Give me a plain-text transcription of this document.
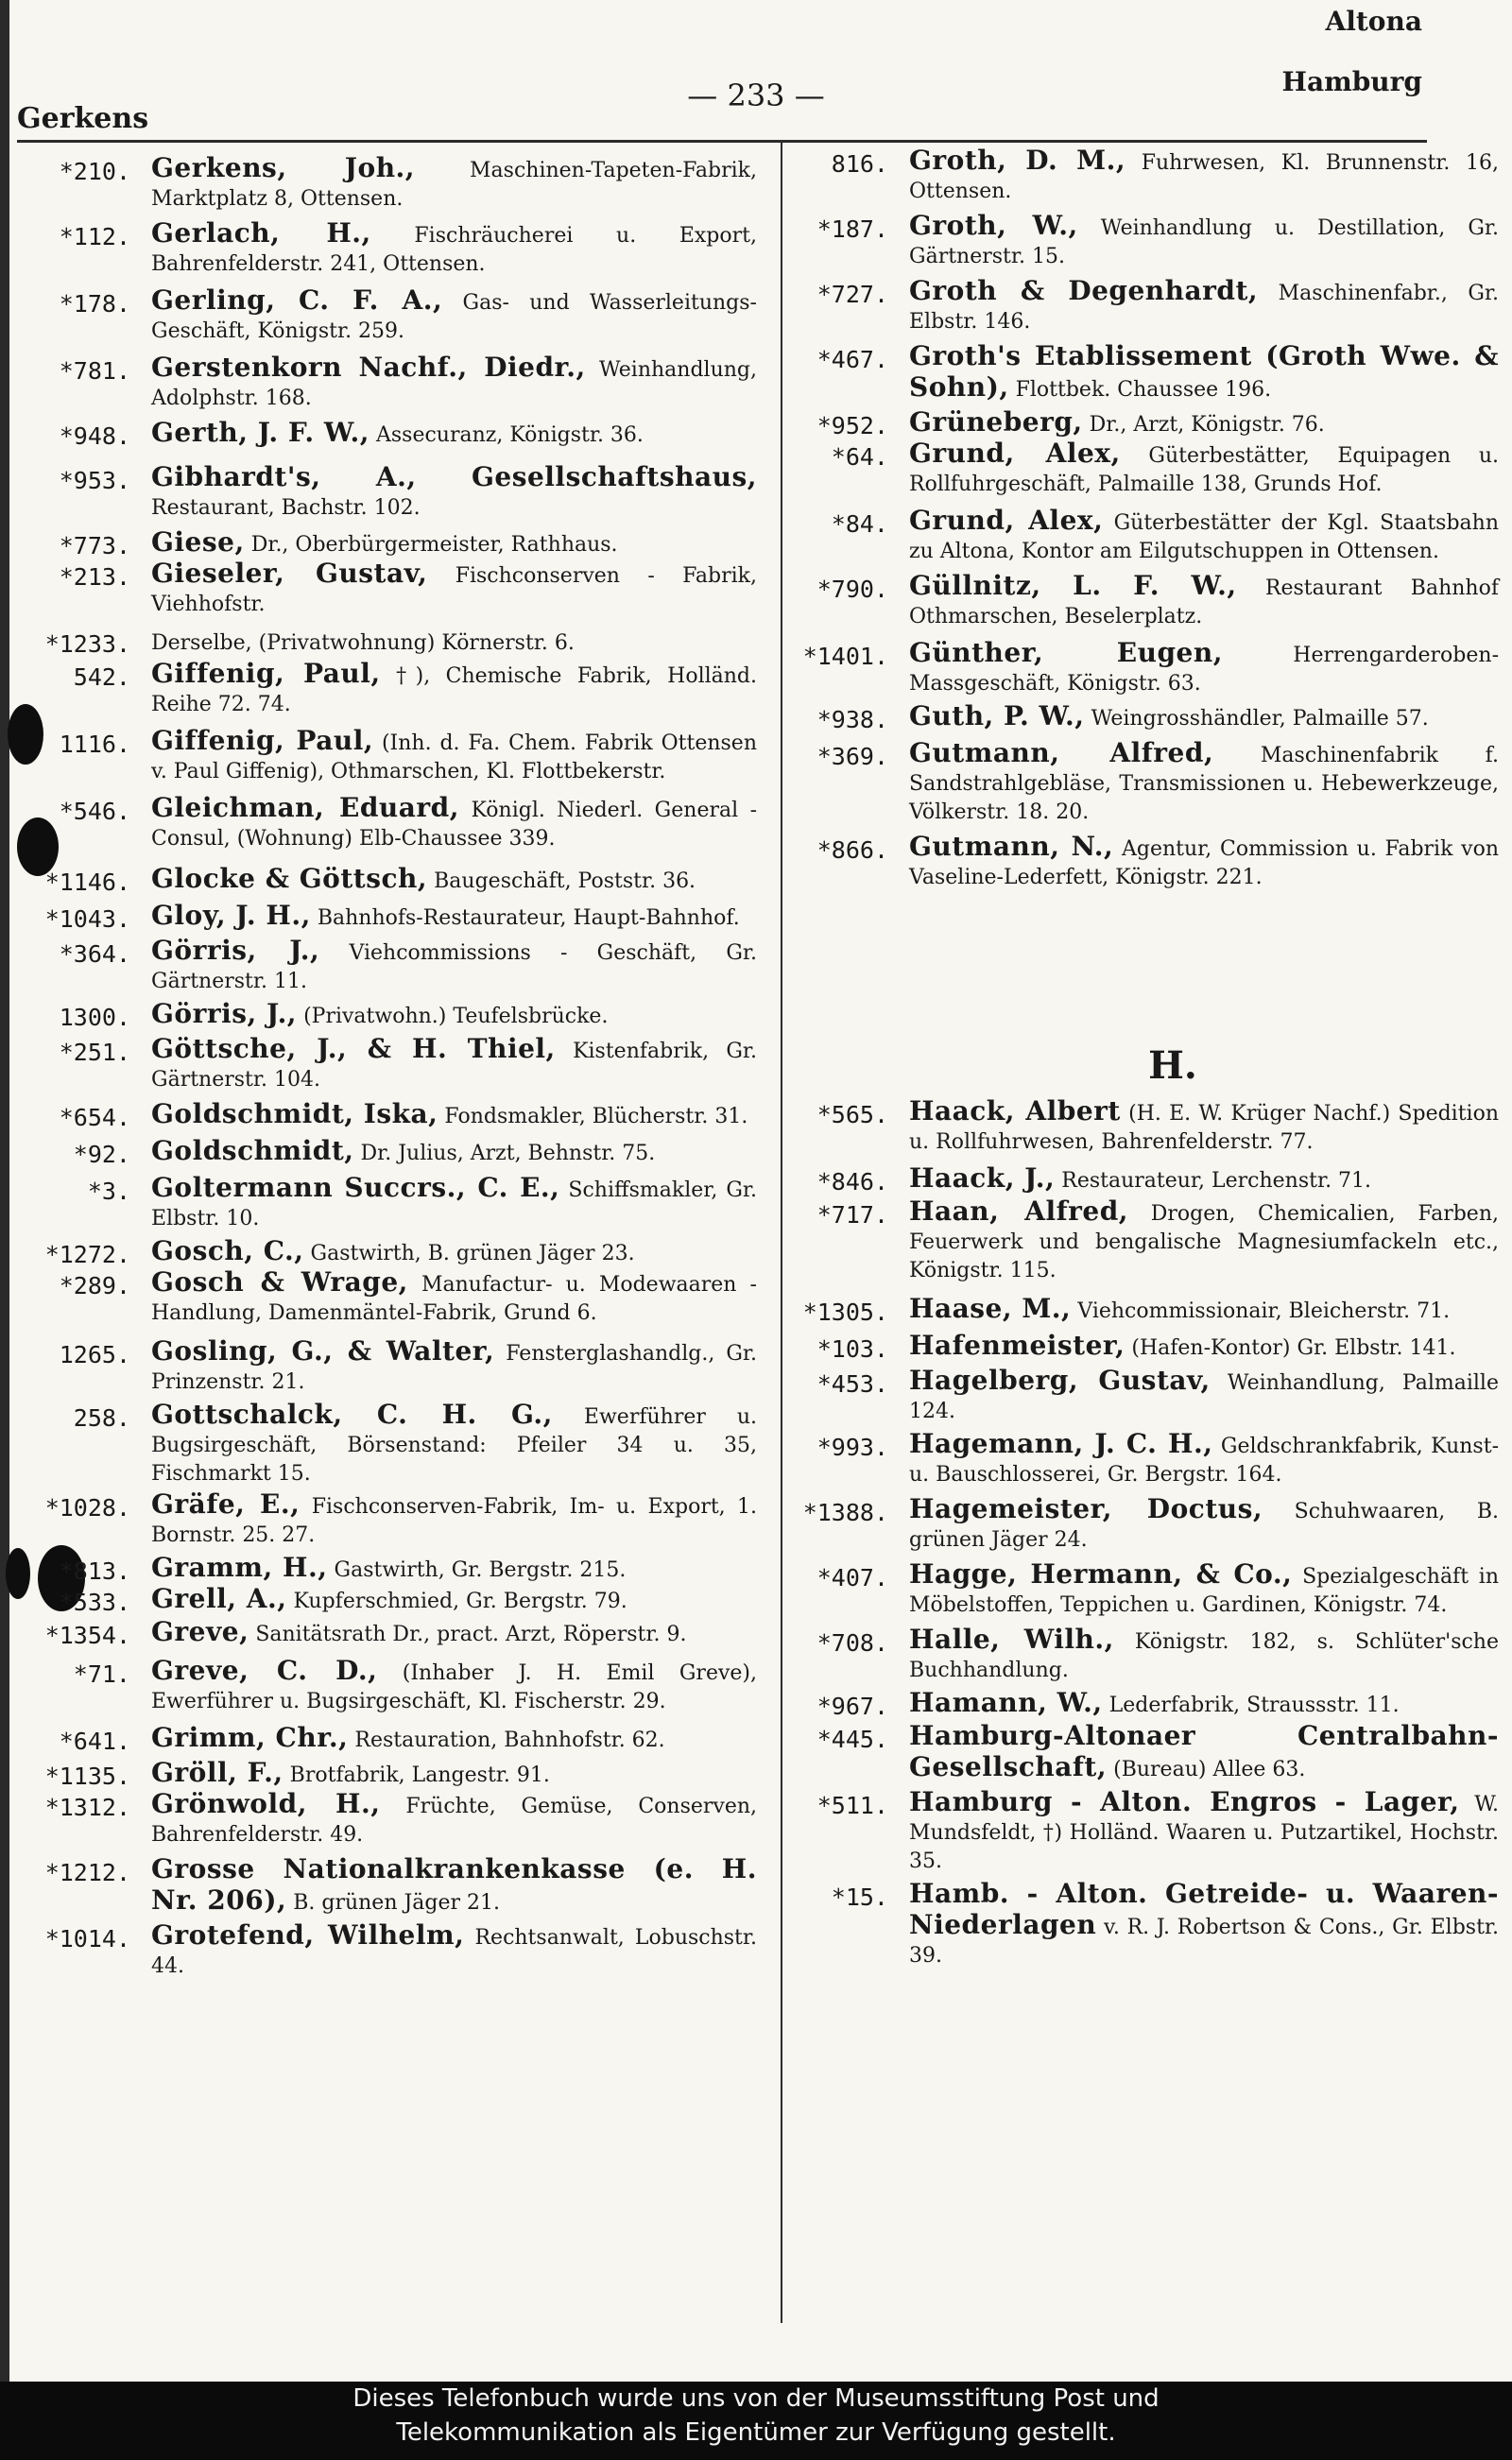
Altona
Hamburg
— 233 —
Gerkens
*210. Gerkens, Joh.,	Maschinen-Tapeten-Fabrik, Marktplatz 8, Ottensen.
*112. Gerlach, H., Fischräucherei u. Export, Bahrenfelderstr. 241, Ottensen.
*178. Gerling, C. F. A., Gas- und Wasserleitungs-Geschäft, Königstr. 259.
*781. Gerstenkorn Nachf., Diedr., Weinhandlung, Adolphstr. 168.
*948. Gerth, J. F. W., Assecuranz, Königstr. 36.
*953. Gibhardt's, A., Gesellschaftshaus, Restaurant, Bachstr. 102.
*773. Giese, Dr., Oberbürgermeister, Rathhaus.
*213. Gieseler, Gustav, Fischconserven - Fabrik, Viehhofstr.
*1233.	Derselbe, (Privatwohnung) Körnerstr. 6.
542. Giffenig, Paul, †), Chemische Fabrik, Holländ. Reihe 72. 74.
1116. Giffenig, Paul, (Inh. d. Fa. Chem. Fabrik Ottensen v. Paul Giffenig), Othmarschen, Kl. Flottbekerstr.
*546. Gleichman, Eduard, Königl. Niederl. General - Consul, (Wohnung) Elb-Chaussee 339.
*1146. Glocke & Göttsch, Baugeschäft, Poststr. 36.
*1043. Gloy, J. H., Bahnhofs-Restaurateur, Haupt-Bahnhof.
*364. Görris, J., Viehcommissions - Geschäft, Gr. Gärtnerstr. 11.
1300. Görris, J., (Privatwohn.) Teufelsbrücke.
*251. Göttsche, J., & H. Thiel, Kistenfabrik, Gr. Gärtnerstr. 104.
*654. Goldschmidt, Iska, Fondsmakler, Blücherstr. 31.
*92. Goldschmidt, Dr. Julius, Arzt, Behnstr. 75.
*3. Goltermann Succrs., C. E., Schiffsmakler, Gr. Elbstr. 10.
*1272. Gosch, C., Gastwirth, B. grünen Jäger 23.
*289. Gosch & Wrage, Manufactur- u. Modewaaren - Handlung, Damenmäntel-Fabrik, Grund 6.
1265. Gosling, G., & Walter, Fensterglashandlg., Gr. Prinzenstr. 21.
258. Gottschalck, C. H. G., Ewerführer u. Bugsirgeschäft, Börsenstand: Pfeiler 34 u. 35, Fischmarkt 15.
*1028. Gräfe, E., Fischconserven-Fabrik, Im- u. Export, 1. Bornstr. 25. 27.
*813. Gramm, H., Gastwirth, Gr. Bergstr. 215.
*533. Grell, A., Kupferschmied, Gr. Bergstr. 79.
*1354. Greve, Sanitätsrath Dr., pract. Arzt, Röperstr. 9.
*71. Greve, C. D., (Inhaber J. H. Emil Greve), Ewerführer u. Bugsirgeschäft, Kl. Fischerstr. 29.
*641. Grimm, Chr., Restauration, Bahnhofstr. 62.
*1135. Gröll, F., Brotfabrik, Langestr. 91.
*1312. Grönwold, H., Früchte, Gemüse, Conserven, Bahrenfelderstr. 49.
*1212. Grosse Nationalkrankenkasse (e. H. Nr. 206), B. grünen Jäger 21.
*1014. Grotefend, Wilhelm, Rechtsanwalt, Lobuschstr. 44.
816. Groth, D. M., Fuhrwesen, Kl. Brunnenstr. 16, Ottensen.
*187. Groth, W., Weinhandlung u. Destillation, Gr. Gärtnerstr. 15.
*727. Groth & Degenhardt, Maschinenfabr., Gr. Elbstr. 146.
*467. Groth's Etablissement (Groth Wwe. & Sohn), Flottbek. Chaussee 196.
*952. Grüneberg, Dr., Arzt, Königstr. 76.
*64. Grund, Alex, Güterbestätter, Equipagen u. Rollfuhrgeschäft, Palmaille 138, Grunds Hof.
*84. Grund, Alex, Güterbestätter der Kgl. Staatsbahn zu Altona, Kontor am Eilgutschuppen in Ottensen.
*790. Güllnitz, L. F. W., Restaurant Bahnhof Othmarschen, Beselerplatz.
*1401. Günther, Eugen,	Herrengarderoben-Massgeschäft, Königstr. 63.
*938. Guth, P. W., Weingrosshändler, Palmaille 57.
*369. Gutmann, Alfred, Maschinenfabrik f. Sandstrahlgebläse, Transmissionen u. Hebewerkzeuge, Völkerstr. 18. 20.
*866. Gutmann, N., Agentur, Commission u. Fabrik von Vaseline-Lederfett, Königstr. 221.
H.
*565. Haack, Albert (H. E. W. Krüger Nachf.) Spedition u. Rollfuhrwesen, Bahrenfelderstr. 77.
*846. Haack, J., Restaurateur, Lerchenstr. 71.
*717. Haan, Alfred, Drogen, Chemicalien, Farben, Feuerwerk und bengalische Magnesiumfackeln etc., Königstr. 115.
*1305. Haase, M., Viehcommissionair, Bleicherstr. 71.
*103. Hafenmeister, (Hafen-Kontor) Gr. Elbstr. 141.
*453. Hagelberg, Gustav, Weinhandlung, Palmaille 124.
*993. Hagemann, J. C. H., Geldschrankfabrik, Kunst- u. Bauschlosserei, Gr. Bergstr. 164.
*1388. Hagemeister, Doctus, Schuhwaaren, B. grünen Jäger 24.
*407. Hagge, Hermann, & Co., Spezialgeschäft in Möbelstoffen, Teppichen u. Gardinen, Königstr. 74.
*708. Halle, Wilh., Königstr. 182, s. Schlüter'sche Buchhandlung.
*967. Hamann, W., Lederfabrik, Straussstr. 11.
*445. Hamburg-Altonaer Centralbahn-Gesellschaft, (Bureau) Allee 63.
*511. Hamburg - Alton. Engros - Lager, W. Mundsfeldt, †) Holländ. Waaren u. Putzartikel, Hochstr. 35.
*15. Hamb. - Alton. Getreide- u. Waaren-Niederlagen v. R. J. Robertson & Cons., Gr. Elbstr. 39.
Dieses Telefonbuch wurde uns von der Museumsstiftung Post und
Telekommunikation als Eigentümer zur Verfügung gestellt.
